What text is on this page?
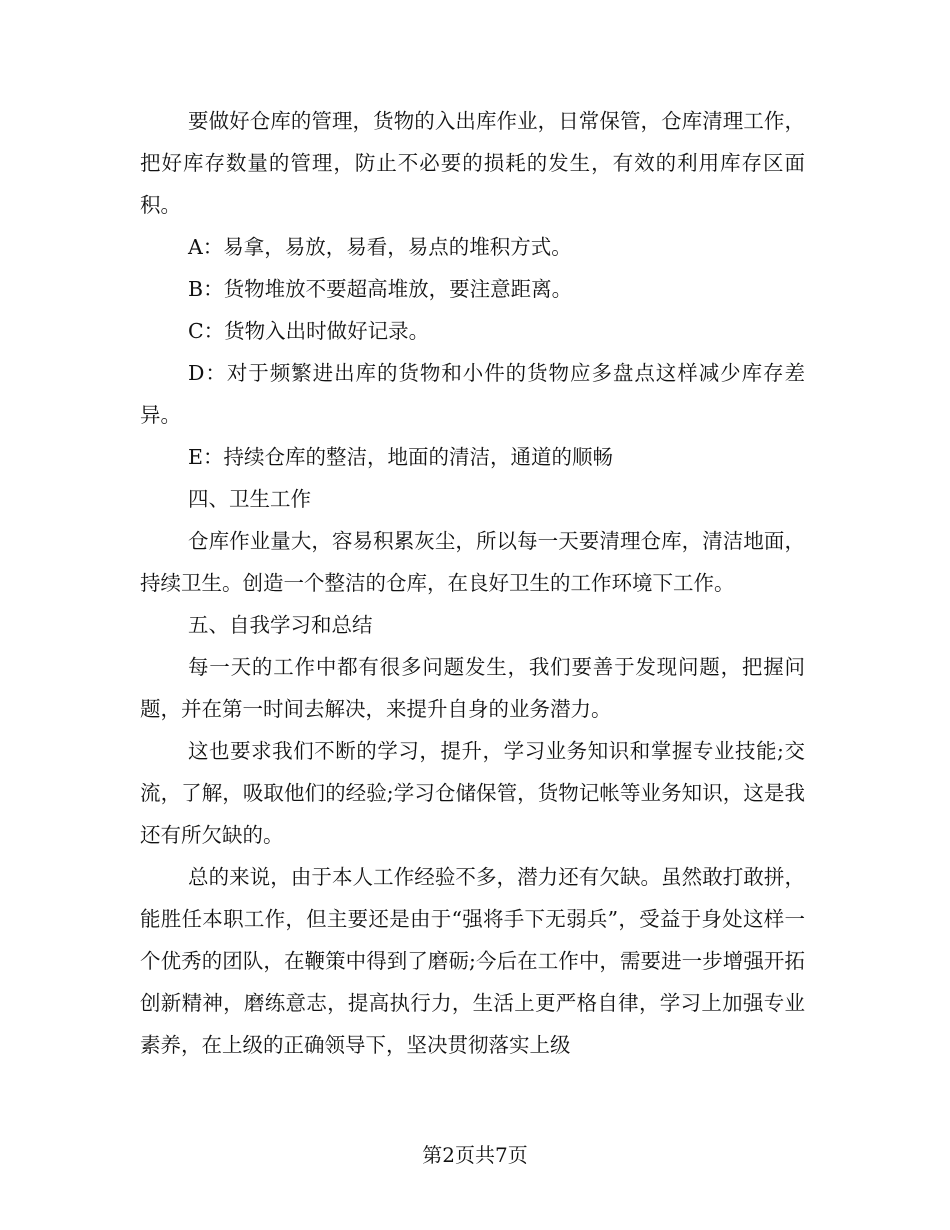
要做好仓库的管理，货物的入出库作业，日常保管，仓库清理工作，把好库存数量的管理，防止不必要的损耗的发生，有效的利用库存区面积。

A：易拿，易放，易看，易点的堆积方式。

B：货物堆放不要超高堆放，要注意距离。

C：货物入出时做好记录。

D：对于频繁进出库的货物和小件的货物应多盘点这样减少库存差异。

E：持续仓库的整洁，地面的清洁，通道的顺畅

四、卫生工作

仓库作业量大，容易积累灰尘，所以每一天要清理仓库，清洁地面，持续卫生。创造一个整洁的仓库，在良好卫生的工作环境下工作。

五、自我学习和总结

每一天的工作中都有很多问题发生，我们要善于发现问题，把握问题，并在第一时间去解决，来提升自身的业务潜力。

这也要求我们不断的学习，提升，学习业务知识和掌握专业技能;交流，了解，吸取他们的经验;学习仓储保管，货物记帐等业务知识，这是我还有所欠缺的。

总的来说，由于本人工作经验不多，潜力还有欠缺。虽然敢打敢拼，能胜任本职工作，但主要还是由于“强将手下无弱兵”，受益于身处这样一个优秀的团队，在鞭策中得到了磨砺;今后在工作中，需要进一步增强开拓创新精神，磨练意志，提高执行力，生活上更严格自律，学习上加强专业素养，在上级的正确领导下，坚决贯彻落实上级

第2页共7页
